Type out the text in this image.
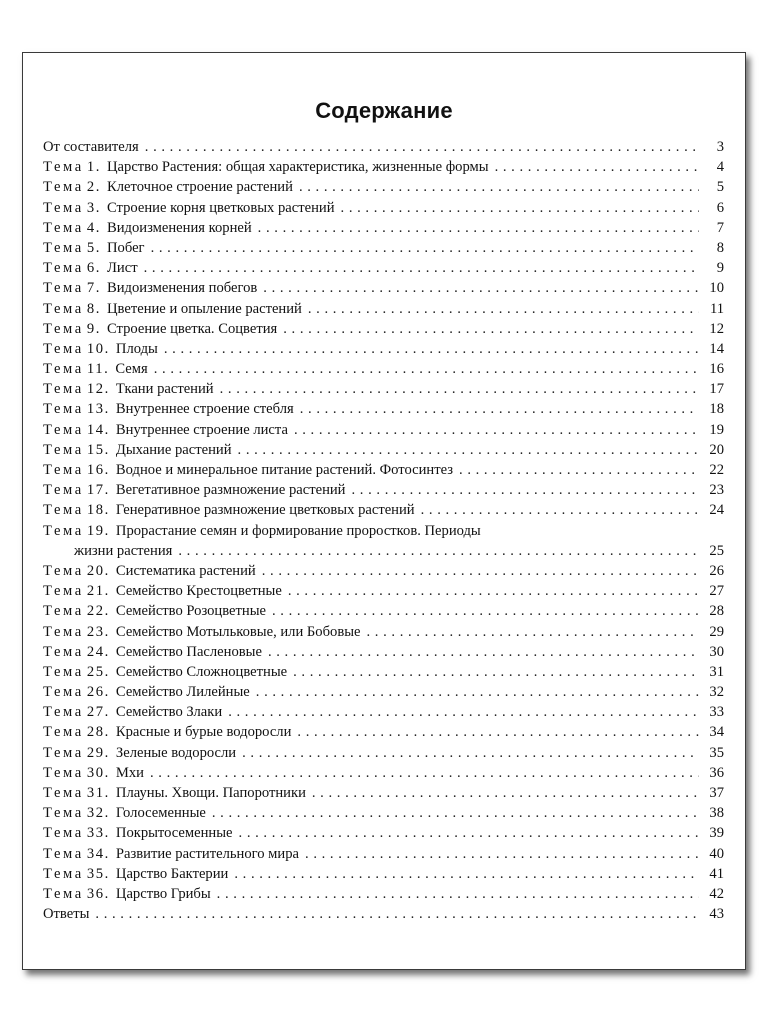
Содержание
От составителя . . .	3
Тема 1. Царство Растения: общая характеристика, жизненные формы . . .	4
Тема 2. Клеточное строение растений . . .	5
Тема 3. Строение корня цветковых растений . . .	6
Тема 4. Видоизменения корней . . .	7
Тема 5. Побег . . .	8
Тема 6. Лист . . .	9
Тема 7. Видоизменения побегов . . .	10
Тема 8. Цветение и опыление растений . . .	11
Тема 9. Строение цветка. Соцветия . . .	12
Тема 10. Плоды . . .	14
Тема 11. Семя . . .	16
Тема 12. Ткани растений . . .	17
Тема 13. Внутреннее строение стебля . . .	18
Тема 14. Внутреннее строение листа . . .	19
Тема 15. Дыхание растений . . .	20
Тема 16. Водное и минеральное питание растений. Фотосинтез . . .	22
Тема 17. Вегетативное размножение растений . . .	23
Тема 18. Генеративное размножение цветковых растений . . .	24
Тема 19. Прорастание семян и формирование проростков. Периоды
жизни растения . . .	25
Тема 20. Систематика растений . . .	26
Тема 21. Семейство Крестоцветные . . .	27
Тема 22. Семейство Розоцветные . . .	28
Тема 23. Семейство Мотыльковые, или Бобовые . . .	29
Тема 24. Семейство Пасленовые . . .	30
Тема 25. Семейство Сложноцветные . . .	31
Тема 26. Семейство Лилейные . . .	32
Тема 27. Семейство Злаки . . .	33
Тема 28. Красные и бурые водоросли . . .	34
Тема 29. Зеленые водоросли . . .	35
Тема 30. Мхи . . .	36
Тема 31. Плауны. Хвощи. Папоротники . . .	37
Тема 32. Голосеменные . . .	38
Тема 33. Покрытосеменные . . .	39
Тема 34. Развитие растительного мира . . .	40
Тема 35. Царство Бактерии . . .	41
Тема 36. Царство Грибы . . .	42
Ответы . . .	43
